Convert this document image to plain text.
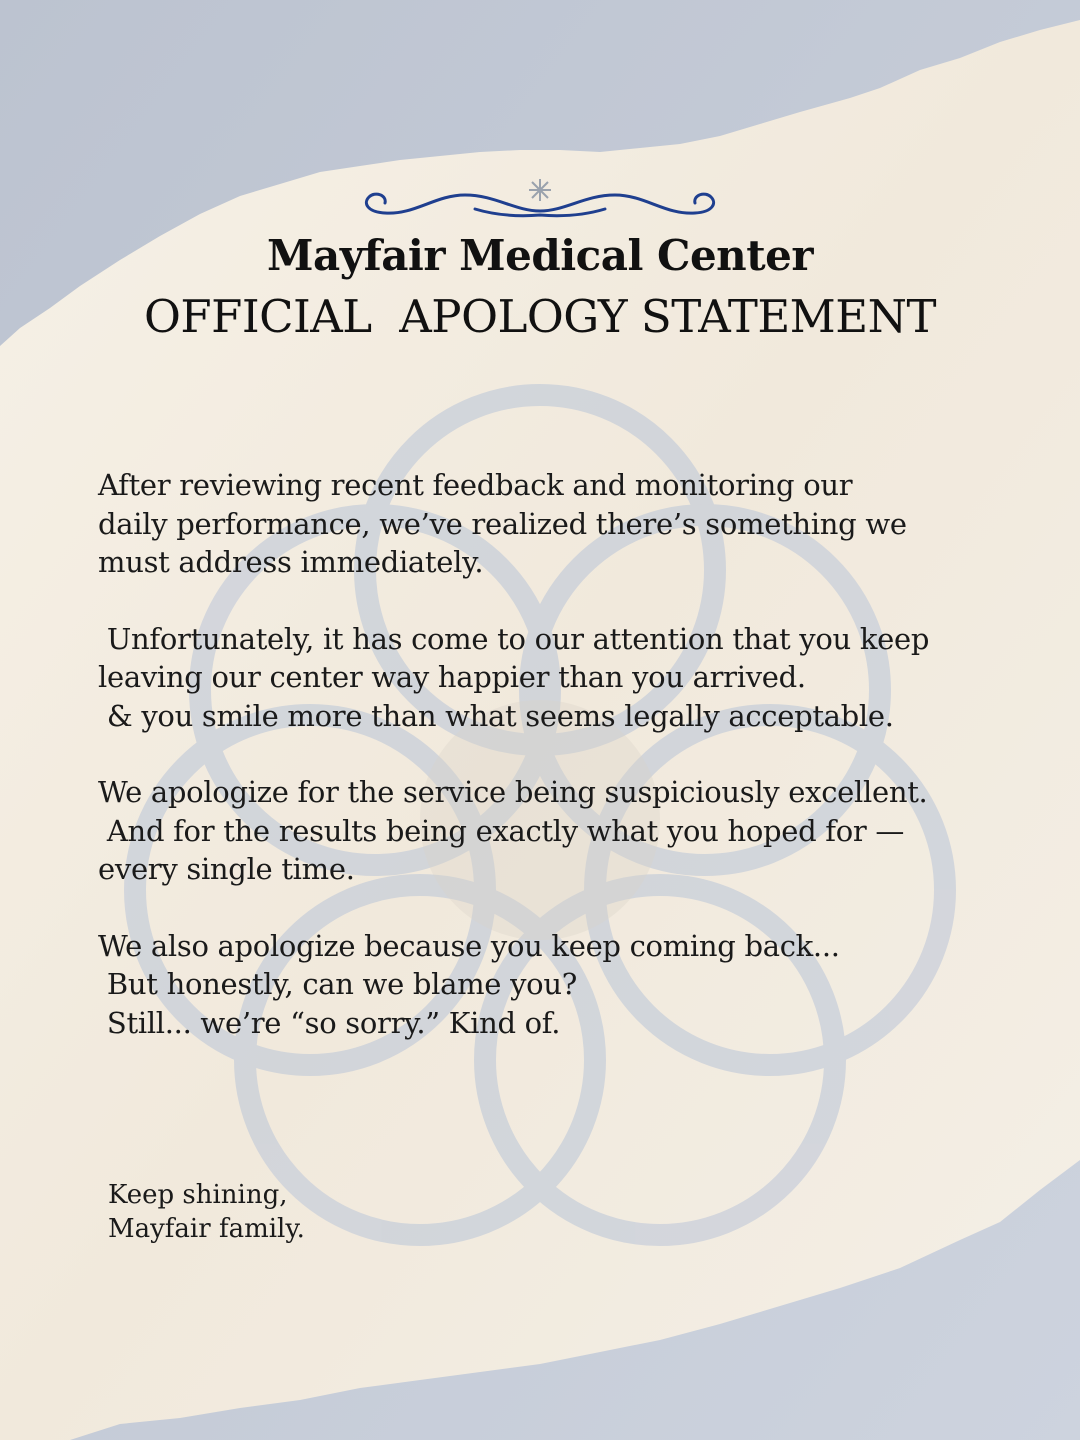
Mayfair Medical Center
OFFICIAL  APOLOGY STATEMENT
After reviewing recent feedback and monitoring our
daily performance, we’ve realized there’s something we
must address immediately.
Unfortunately, it has come to our attention that you keep
leaving our center way happier than you arrived.
& you smile more than what seems legally acceptable.
We apologize for the service being suspiciously excellent.
And for the results being exactly what you hoped for —
every single time.
We also apologize because you keep coming back...
But honestly, can we blame you?
Still... we’re “so sorry.” Kind of.
Keep shining,
Mayfair family.
